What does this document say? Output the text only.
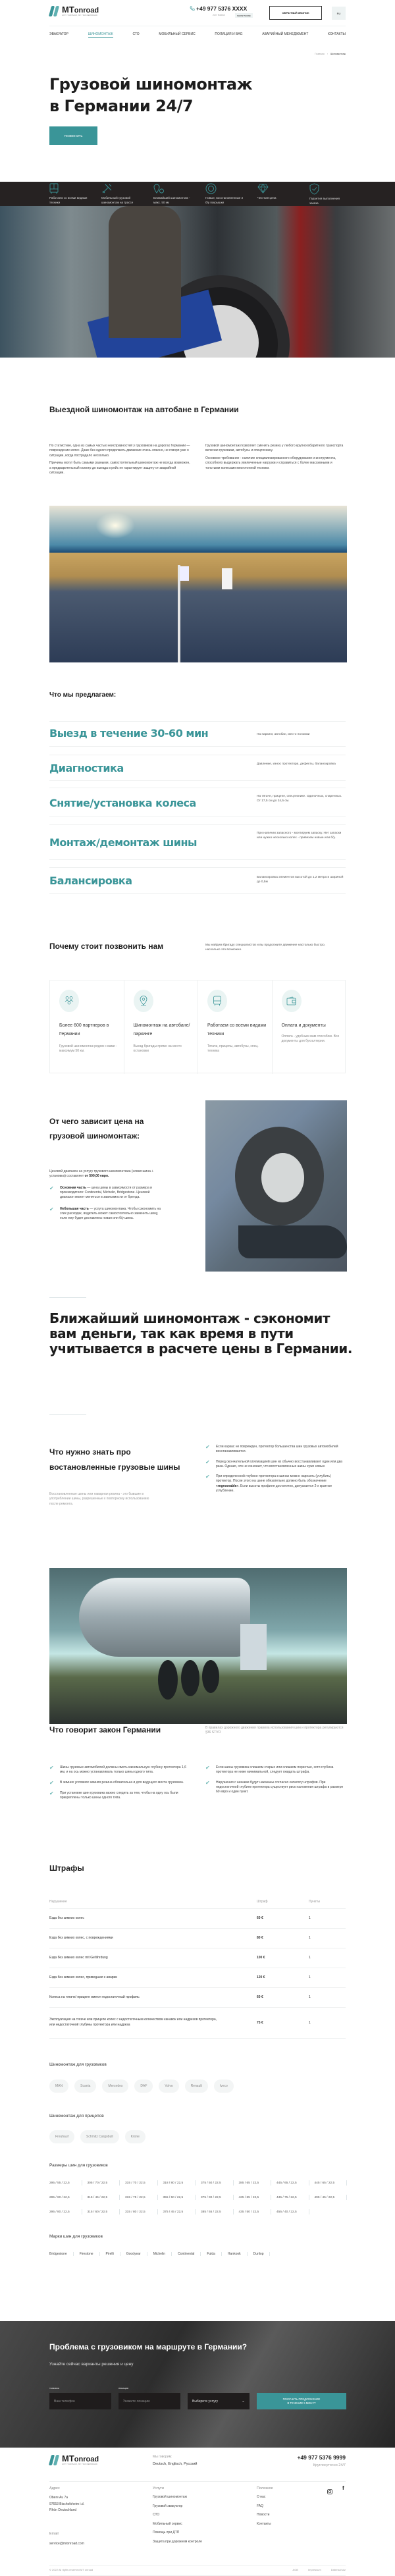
MTonroad
GOT YOUR BACK, MY TRUCKERFRIEND
+49 977 5376 XXXX
24/7 Hotline	SHOW PHONE
ОБРАТНЫЙ ЗВОНОК	RU
ЭВАКУАТОР	ШИНОМОНТАЖ	СТО	МОБИЛЬНЫЙ СЕРВИС	ПОЛИЦИЯ И BAG	АВАРИЙНЫЙ МЕНЕДЖМЕНТ	КОНТАКТЫ
Главная › Шиномонтаж
Грузовой шиномонтаж
в Германии 24/7
ПОЗВОНИТЬ
Работаем со всеми видами техники
Мобильный грузовой шиномонтаж на трассе
Ближайший шиномонтаж - макс. 50 км
Новые, восстановленные и б/у покрышки
Честная цена	Гарантия выполнения заказа
Выездной шиномонтаж на автобане в Германии

По статистике, одна из самых частых неисправностей у грузовиков на дорогах Германии — повреждение колес. Даже без одного продолжать движение очень опасно, не говоря уже о ситуации, когда пострадало несколько.

Причины могут быть самыми разными, самостоятельный шиномонтаж не всегда возможен, а предварительный осмотр до выезда в рейс не гарантирует защиту от аварийной ситуации.

Грузовой шиномонтаж позволяет сменить резину у любого крупногабаритного транспорта включая грузовики, автобусы и спецтехнику.

Основное требование - наличие специализированного оборудования и инструмента, способного выдержать увеличенные нагрузки и справиться с более массивными и толстыми колесами многотонной техники.

Что мы предлагаем:
Выезд в течение 30-60 мин	На паркинг, автобан, место поломки
Диагностика	Давление, износ протектора, дефекты, балансировка
Снятие/установка колеса
На тягаче, прицепе, спецтехнике. Одиночных, спаренных. От 17,5 см до 24,5 см.
Монтаж/демонтаж шины
При наличии запасного - монтируем запаску. Нет запаски или нужно несколько колес - привезем новые или б/у.
Балансировка	Балансировка элементов высотой до 1,2 метра и шириной до 0,5м
Почему стоит позвонить нам	Мы найдем бригаду специалистов и вы продолжите движение настолько быстро, насколько это возможно.
Более 600 партнеров в Германии
Грузовой шиномонтаж рядом с вами - максимум 50 км.
Шиномонтаж на автобане/паркинге
Выезд бригады прямо на место остановки
Работаем со всеми видами техники
Тягачи, прицепы, автобусы, спец. техника
Оплата и документы
Оплата - удобным вам способом. Все документы для бухгалтерии.
От чего зависит цена на грузовой шиномонтаж:

Ценовой диапазон на услугу грузового шиномонтажа (новая шина + установка) составляет от 500,00 евро.

✔	Основная часть — цена шины в зависимости от размера и производителя: Continental, Michelin, Bridgestone. Ценовой диапазон может меняться в зависимости от бренда.

✔	Небольшая часть — услуга шиномонтажа. Чтобы сэкономить на этих расходах, водитель может самостоятельно заменить шину, если ему будет доставлена новая или б/у шина.

Ближайший шиномонтаж - сэкономит вам деньги, так как время в пути учитывается в расчете цены в Германии.
Что нужно знать про востановленные грузовые шины
Восстановленные шины или наварная резина - это бывшие в употреблении шины, разрешенные к повторному использованию после ремонта.
✔	Если каркас не поврежден, протектор большинства шин грузовых автомобилей восстанавливается.

✔	Перед окончательной утилизацией шин их обычно восстанавливают один или два раза. Однако, это не означает, что восстановленные шины хуже новых.

✔	При определенной глубине протектора в шинах можно нарезать (углубить) протектор. После этого на шине обязательно должно быть обозначение «regroovable». Если высоты профиля достаточно, допускается 2-х кратное углубление.

Что говорит закон Германии	В правилах дорожного движения правила использования шин и протектора регулируются §36 STVO
✔	Шины грузовых автомобилей должны иметь минимальную глубину протектора 1,6 мм, и на ось можно устанавливать только шины одного типа.

✔	В зимних условиях зимняя резина обязательна и для ведущего моста грузовика.

✔	При установке шин грузовика важно следить за тем, чтобы на одну ось были прикреплены только шины одного типа.

✔	Если шины грузовика слишком старые или слишком пористые, хотя глубина протектора не ниже минимальной, следует ожидать штрафа.

✔	Нарушения с шинами будут наказаны согласно каталогу штрафов. При недостаточной глубине протектора существует риск наложения штрафа в размере 60 евро и один пункт.

Штрафы
Нарушение	Штраф	Пункты
Езда без зимних колес	60 €	1
Езда без зимних колес, с повреждениями	80 €	1
Езда без зимних колес mit Gefährdung	100 €	1
Езда без зимних колес, приведшая к аварии	120 €	1
Колеса на тягаче/ прицепе имеют недостаточный профиль	60 €	1
Эксплуатация на тягаче или прицепе колес с недостаточным количеством канавок или надрезов протектора, или недостаточной глубины протектора или надреза	75 €	1
Шиномонтаж для грузовиков
MAN	Scania	Mercedes	DAF	Volvo	Renault	Iveco
Шиномонтаж для прицепов
Freuhauf	Schmitz Cargobull	Krone
Размеры шин для грузовиков
295 / 55 / 22,5	305 / 70 / 22,5	315 / 70 / 22,5	318 / 80 / 22,5	375 / 50 / 22,5	385 / 65 / 22,5	445 / 65 / 22,5	445 / 65 / 22,5
295 / 60 / 22,5	315 / 45 / 22,5	315 / 75 / 22,5	355 / 50 / 22,5	375 / 90 / 22,5	425 / 65 / 22,5	445 / 75 / 22,5	495 / 45 / 22,5
295 / 80 / 22,5	315 / 60 / 22,5	315 / 80 / 22,5	375 / 45 / 22,5	385 / 55 / 22,5	435 / 50 / 22,5	455 / 40 / 22,5
Марки шин для грузовиков
Bridgestone	Firestone	Pirelli	Goodyear	Michelin	Continental	Fulda	Hankook	Dunlop
Проблема с грузовиком на маршруте в Германии?
Узнайте сейчас варианты решения и цену
ТЕЛЕФОН
Ваш телефон
ЛОКАЦИЯ
Укажите локацию	Выберите услугу	⌄
ПОЛУЧИТЬ ПРЕДЛОЖЕНИЕ
В ТЕЧЕНИЕ 5 МИНУТ
MTonroad
GOT YOUR BACK, MY TRUCKERFRIEND
Мы говорим:
Deutsch, Englisch, Русский
+49 977 5376 9999
Круглосуточно 24/7
Адрес
Obere Au 7a
97653 Bischofsheim i.d.
Rhön Deutschland
Email
service@mtonroad.com
Услуги
Грузовой шиномонтаж
Грузовой эвакуатор
СТО
Мобильный сервис
Помощь при ДТП
Защита при дорожном контроле
Полезное
О нас
FAQ
Новости
Контакты
f
© 2022 All rights reserved MT onroad	AGB	Impressum	Datenschutz
